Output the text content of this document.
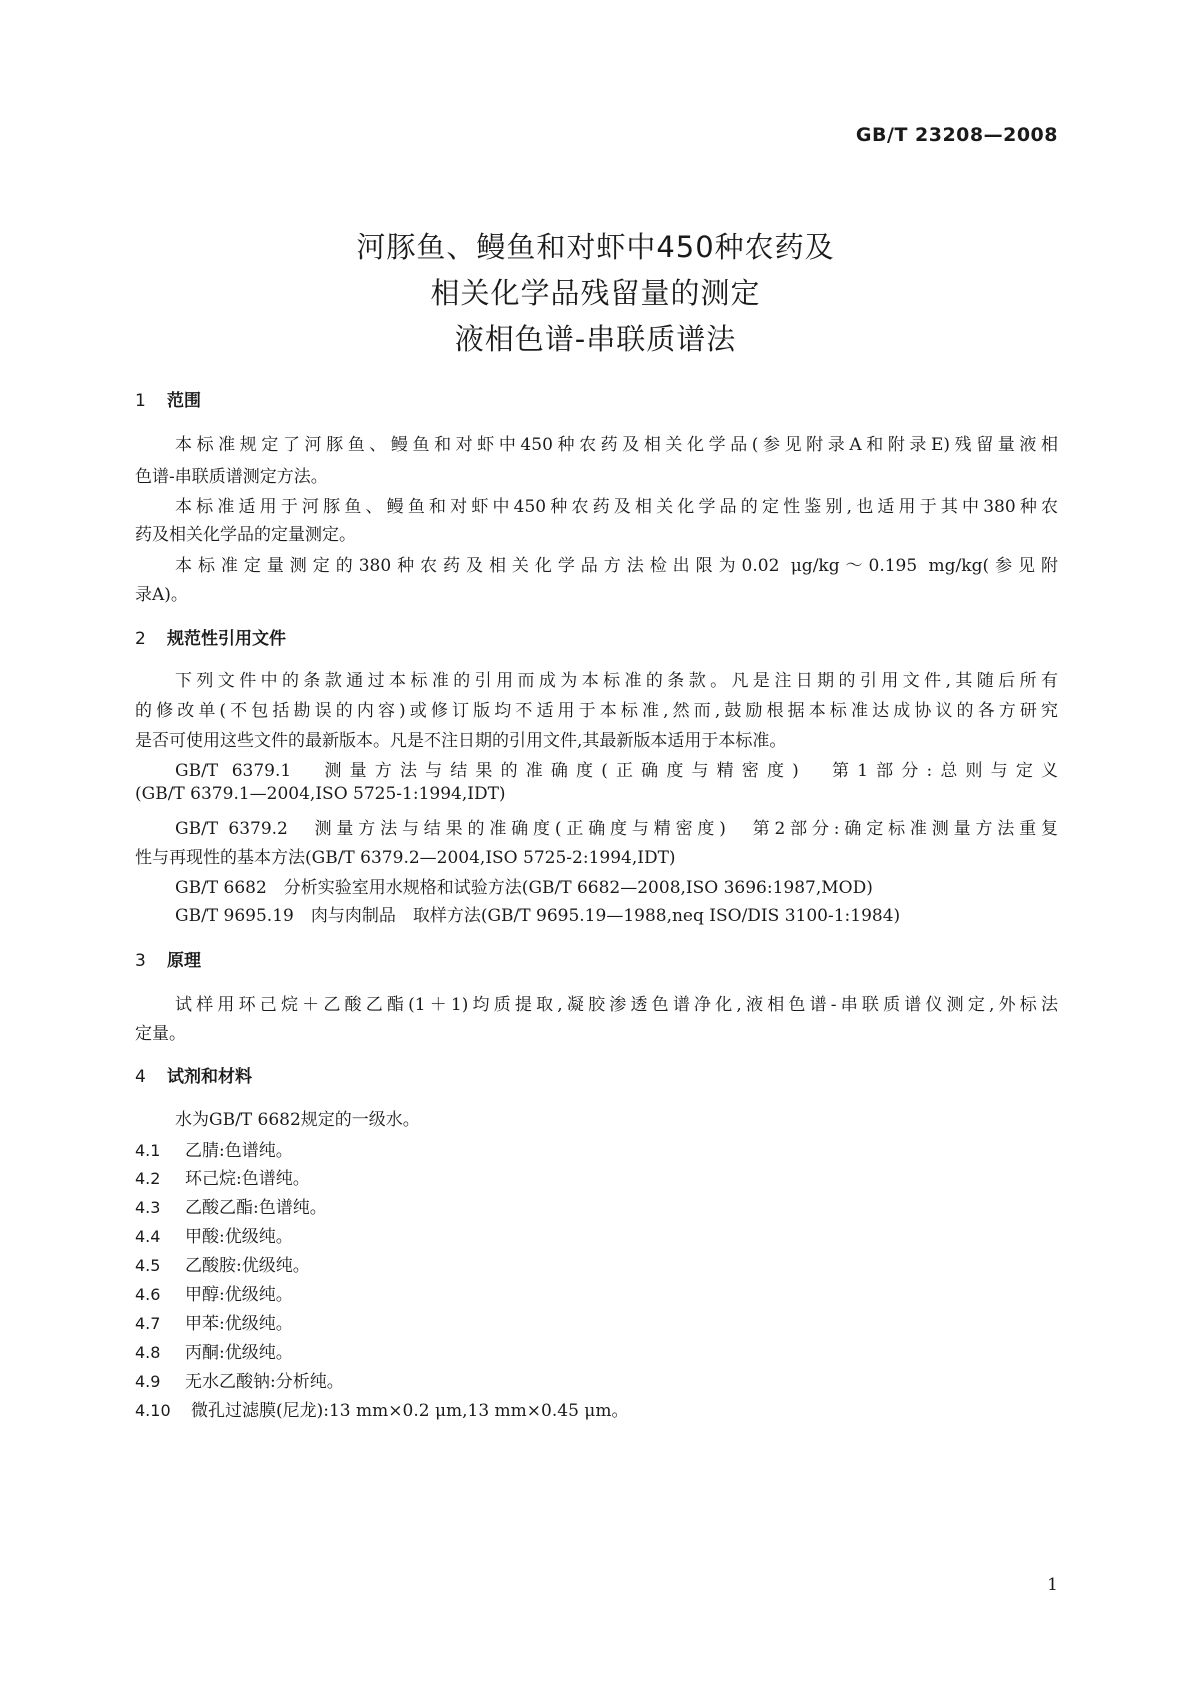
GB/T 23208—2008
河豚鱼、鳗鱼和对虾中450种农药及
相关化学品残留量的测定
液相色谱-串联质谱法
1 范围
本标准规定了河豚鱼、鳗鱼和对虾中450种农药及相关化学品(参见附录A和附录E)残留量液相
色谱-串联质谱测定方法。
本标准适用于河豚鱼、鳗鱼和对虾中450种农药及相关化学品的定性鉴别,也适用于其中380种农
药及相关化学品的定量测定。
本标准定量测定的380种农药及相关化学品方法检出限为0.02 μg/kg～0.195 mg/kg(参见附
录A)。
2 规范性引用文件
下列文件中的条款通过本标准的引用而成为本标准的条款。凡是注日期的引用文件,其随后所有
的修改单(不包括勘误的内容)或修订版均不适用于本标准,然而,鼓励根据本标准达成协议的各方研究
是否可使用这些文件的最新版本。凡是不注日期的引用文件,其最新版本适用于本标准。
GB/T 6379.1　测量方法与结果的准确度(正确度与精密度)　第1部分:总则与定义
(GB/T 6379.1—2004,ISO 5725-1:1994,IDT)
GB/T 6379.2　测量方法与结果的准确度(正确度与精密度)　第2部分:确定标准测量方法重复
性与再现性的基本方法(GB/T 6379.2—2004,ISO 5725-2:1994,IDT)
GB/T 6682　分析实验室用水规格和试验方法(GB/T 6682—2008,ISO 3696:1987,MOD)
GB/T 9695.19　肉与肉制品　取样方法(GB/T 9695.19—1988,neq ISO/DIS 3100-1:1984)
3 原理
试样用环己烷＋乙酸乙酯(1＋1)均质提取,凝胶渗透色谱净化,液相色谱-串联质谱仪测定,外标法
定量。
4 试剂和材料
水为GB/T 6682规定的一级水。
4.1 乙腈:色谱纯。
4.2 环己烷:色谱纯。
4.3 乙酸乙酯:色谱纯。
4.4 甲酸:优级纯。
4.5 乙酸胺:优级纯。
4.6 甲醇:优级纯。
4.7 甲苯:优级纯。
4.8 丙酮:优级纯。
4.9 无水乙酸钠:分析纯。
4.10 微孔过滤膜(尼龙):13 mm×0.2 μm,13 mm×0.45 μm。
1
